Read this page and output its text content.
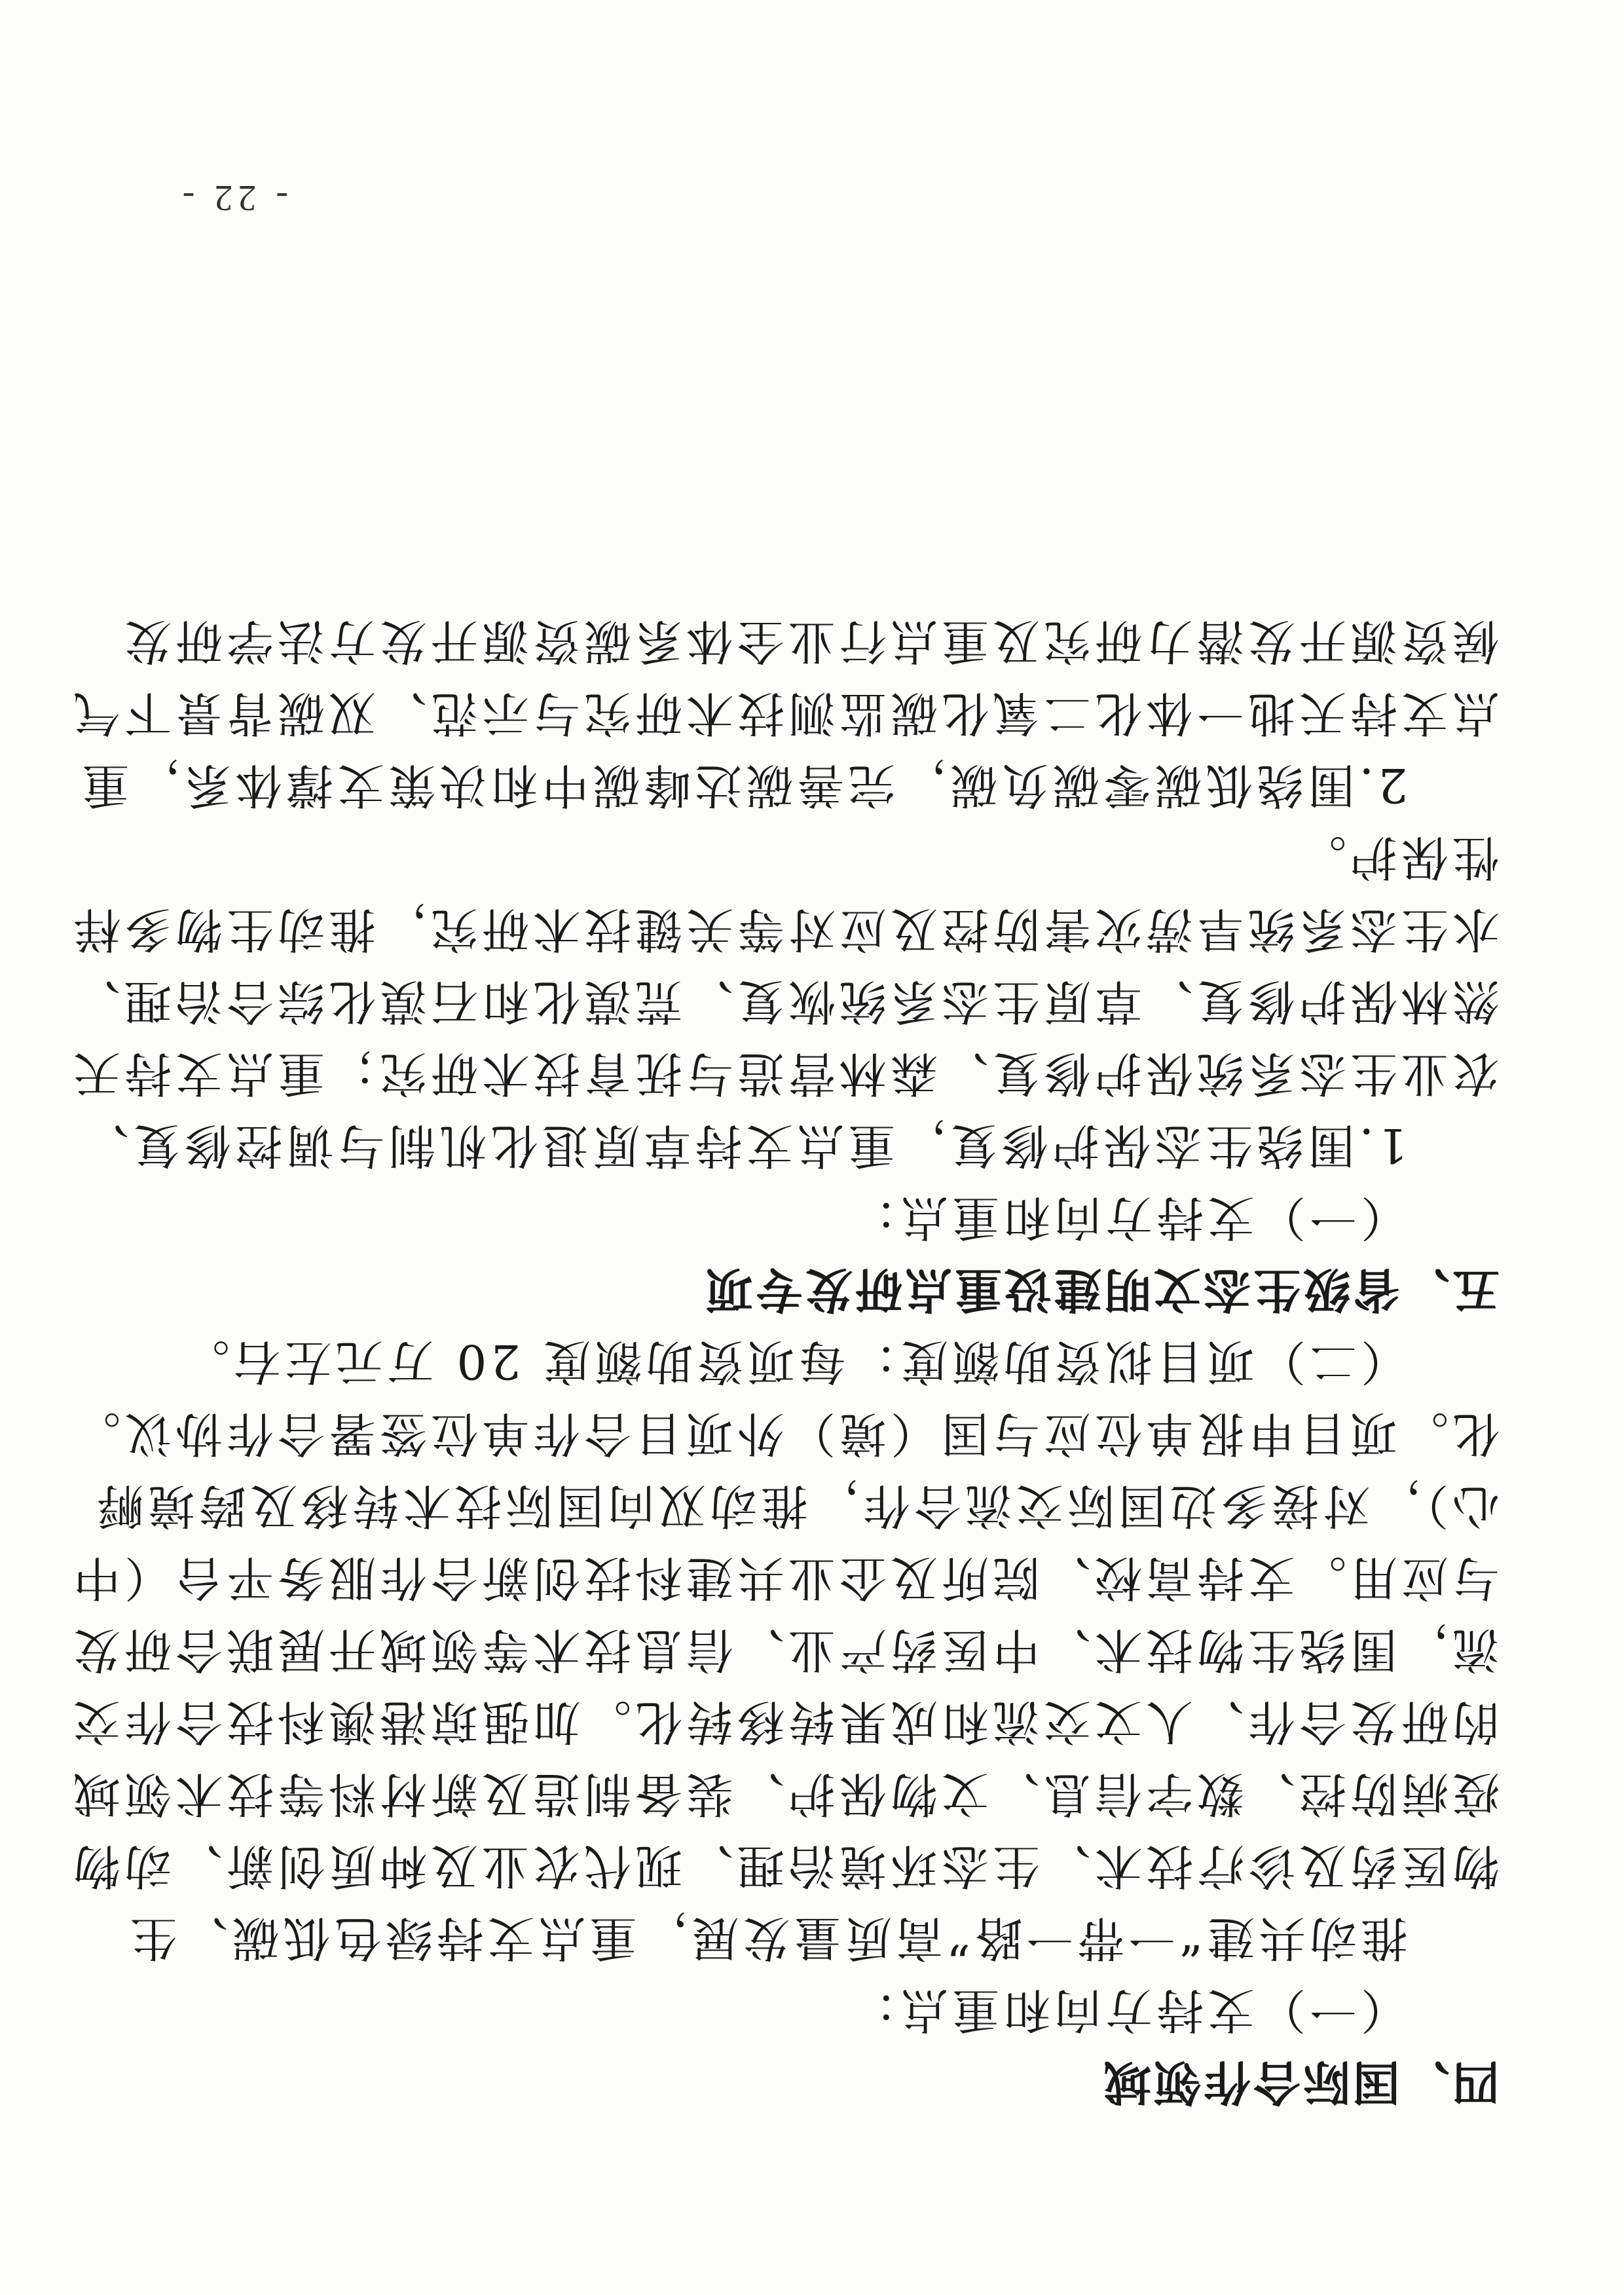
四、国际合作领域
（一）支持方向和重点：
推动共建“一带一路”高质量发展，重点支持绿色低碳、生
物医药及诊疗技术、生态环境治理、现代农业及种质创新、动物
疫病防控、数字信息、文物保护、装备制造及新材料等技术领域
的研发合作、人文交流和成果转移转化。加强琼港澳科技合作交
流，围绕生物技术、中医药产业、信息技术等领域开展联合研发
与应用。支持高校、院所及企业共建科技创新合作服务平台（中
心），对接多边国际交流合作，推动双向国际技术转移及跨境孵
化。项目申报单位应与国（境）外项目合作单位签署合作协议。
（二）项目拟资助额度：每项资助额度 20 万元左右。
五、省级生态文明建设重点研发专项
（一）支持方向和重点：
1.围绕生态保护修复，重点支持草原退化机制与调控修复、
农业生态系统保护修复、森林营造与抚育技术研究；重点支持天
然林保护修复、草原生态系统恢复、荒漠化和石漠化综合治理、
水生态系统旱涝灾害防控及应对等关键技术研究，推动生物多样
性保护。
2.围绕低碳零碳负碳，完善碳达峰碳中和决策支撑体系，重
点支持天地一体化二氧化碳监测技术研究与示范、双碳背景下气
候资源开发潜力研究及重点行业全体系碳资源开发方法学研发
- 22 -
